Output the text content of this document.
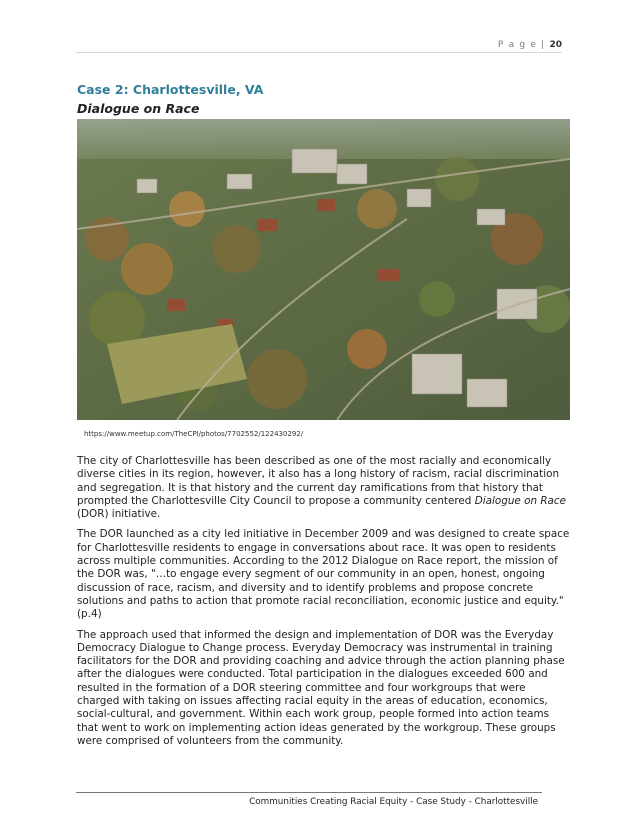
P a g e | 20
Case 2: Charlottesville, VA
Dialogue on Race
https://www.meetup.com/TheCPI/photos/7702552/122430292/

The city of Charlottesville has been described as one of the most racially and economically diverse cities in its region, however, it also has a long history of racism, racial discrimination and segregation. It is that history and the current day ramifications from that history that prompted the Charlottesville City Council to propose a community centered Dialogue on Race (DOR) initiative.

The DOR launched as a city led initiative in December 2009 and was designed to create space for Charlottesville residents to engage in conversations about race. It was open to residents across multiple communities. According to the 2012 Dialogue on Race report, the mission of the DOR was, "…to engage every segment of our community in an open, honest, ongoing discussion of race, racism, and diversity and to identify problems and propose concrete solutions and paths to action that promote racial reconciliation, economic justice and equity."(p.4)

The approach used that informed the design and implementation of DOR was the Everyday Democracy Dialogue to Change process. Everyday Democracy was instrumental in training facilitators for the DOR and providing coaching and advice through the action planning phase after the dialogues were conducted. Total participation in the dialogues exceeded 600 and resulted in the formation of a DOR steering committee and four workgroups that were charged with taking on issues affecting racial equity in the areas of education, economics, social-cultural, and government. Within each work group, people formed into action teams that went to work on implementing action ideas generated by the workgroup. These groups were comprised of volunteers from the community.

Communities Creating Racial Equity - Case Study - Charlottesville
